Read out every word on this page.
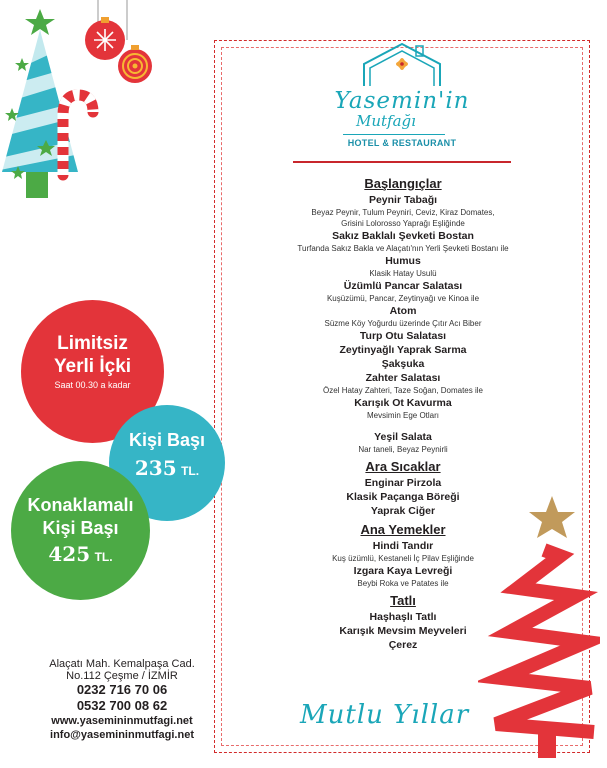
Yasemin'in
Mutfağı
HOTEL & RESTAURANT
Başlangıçlar
Peynir Tabağı
Beyaz Peynir, Tulum Peyniri, Ceviz, Kiraz Domates,
Grisini Lolorosso Yaprağı Eşliğinde
Sakız Baklalı Şevketi Bostan
Turfanda Sakız Bakla ve Alaçatı'nın Yerli Şevketi Bostanı ile
Humus
Klasik Hatay Usulü
Üzümlü Pancar Salatası
Kuşüzümü, Pancar, Zeytinyağı ve Kinoa ile
Atom
Süzme Köy Yoğurdu üzerinde Çıtır Acı Biber
Turp Otu Salatası
Zeytinyağlı Yaprak Sarma
Şakşuka
Zahter Salatası
Özel Hatay Zahteri, Taze Soğan, Domates ile
Karışık Ot Kavurma
Mevsimin Ege Otları
Yeşil Salata
Nar taneli, Beyaz Peynirli
Ara Sıcaklar
Enginar Pirzola
Klasik Paçanga Böreği
Yaprak Ciğer
Ana Yemekler
Hindi Tandır
Kuş üzümlü, Kestaneli İç Pilav Eşliğinde
Izgara Kaya Levreği
Beybi Roka ve Patates ile
Tatlı
Haşhaşlı Tatlı
Karışık Mevsim Meyveleri
Çerez
Limitsiz
Yerli İçki
Saat 00.30 a kadar
Kişi Başı
235 TL.
Konaklamalı
Kişi Başı
425 TL.
Alaçatı Mah. Kemalpaşa Cad.
No.112 Çeşme / İZMİR
0232 716 70 06
0532 700 08 62
www.yasemininmutfagi.net
info@yasemininmutfagi.net
Mutlu Yıllar
